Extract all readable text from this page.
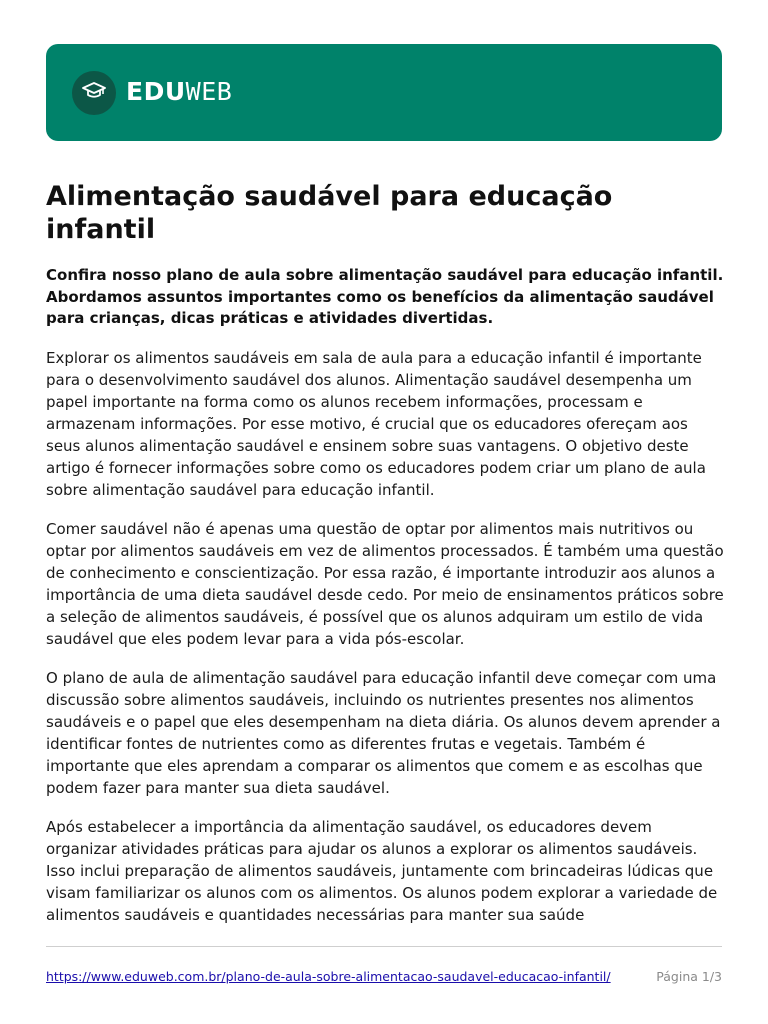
EDUWEB
Alimentação saudável para educação infantil

Confira nosso plano de aula sobre alimentação saudável para educação infantil. Abordamos assuntos importantes como os benefícios da alimentação saudável para crianças, dicas práticas e atividades divertidas.

Explorar os alimentos saudáveis em sala de aula para a educação infantil é importante para o desenvolvimento saudável dos alunos. Alimentação saudável desempenha um papel importante na forma como os alunos recebem informações, processam e armazenam informações. Por esse motivo, é crucial que os educadores ofereçam aos seus alunos alimentação saudável e ensinem sobre suas vantagens. O objetivo deste artigo é fornecer informações sobre como os educadores podem criar um plano de aula sobre alimentação saudável para educação infantil.

Comer saudável não é apenas uma questão de optar por alimentos mais nutritivos ou optar por alimentos saudáveis em vez de alimentos processados. É também uma questão de conhecimento e conscientização. Por essa razão, é importante introduzir aos alunos a importância de uma dieta saudável desde cedo. Por meio de ensinamentos práticos sobre a seleção de alimentos saudáveis, é possível que os alunos adquiram um estilo de vida saudável que eles podem levar para a vida pós-escolar.

O plano de aula de alimentação saudável para educação infantil deve começar com uma discussão sobre alimentos saudáveis, incluindo os nutrientes presentes nos alimentos saudáveis e o papel que eles desempenham na dieta diária. Os alunos devem aprender a identificar fontes de nutrientes como as diferentes frutas e vegetais. Também é importante que eles aprendam a comparar os alimentos que comem e as escolhas que podem fazer para manter sua dieta saudável.

Após estabelecer a importância da alimentação saudável, os educadores devem organizar atividades práticas para ajudar os alunos a explorar os alimentos saudáveis. Isso inclui preparação de alimentos saudáveis, juntamente com brincadeiras lúdicas que visam familiarizar os alunos com os alimentos. Os alunos podem explorar a variedade de alimentos saudáveis e quantidades necessárias para manter sua saúde

https://www.eduweb.com.br/plano-de-aula-sobre-alimentacao-saudavel-educacao-infantil/	Página 1/3
